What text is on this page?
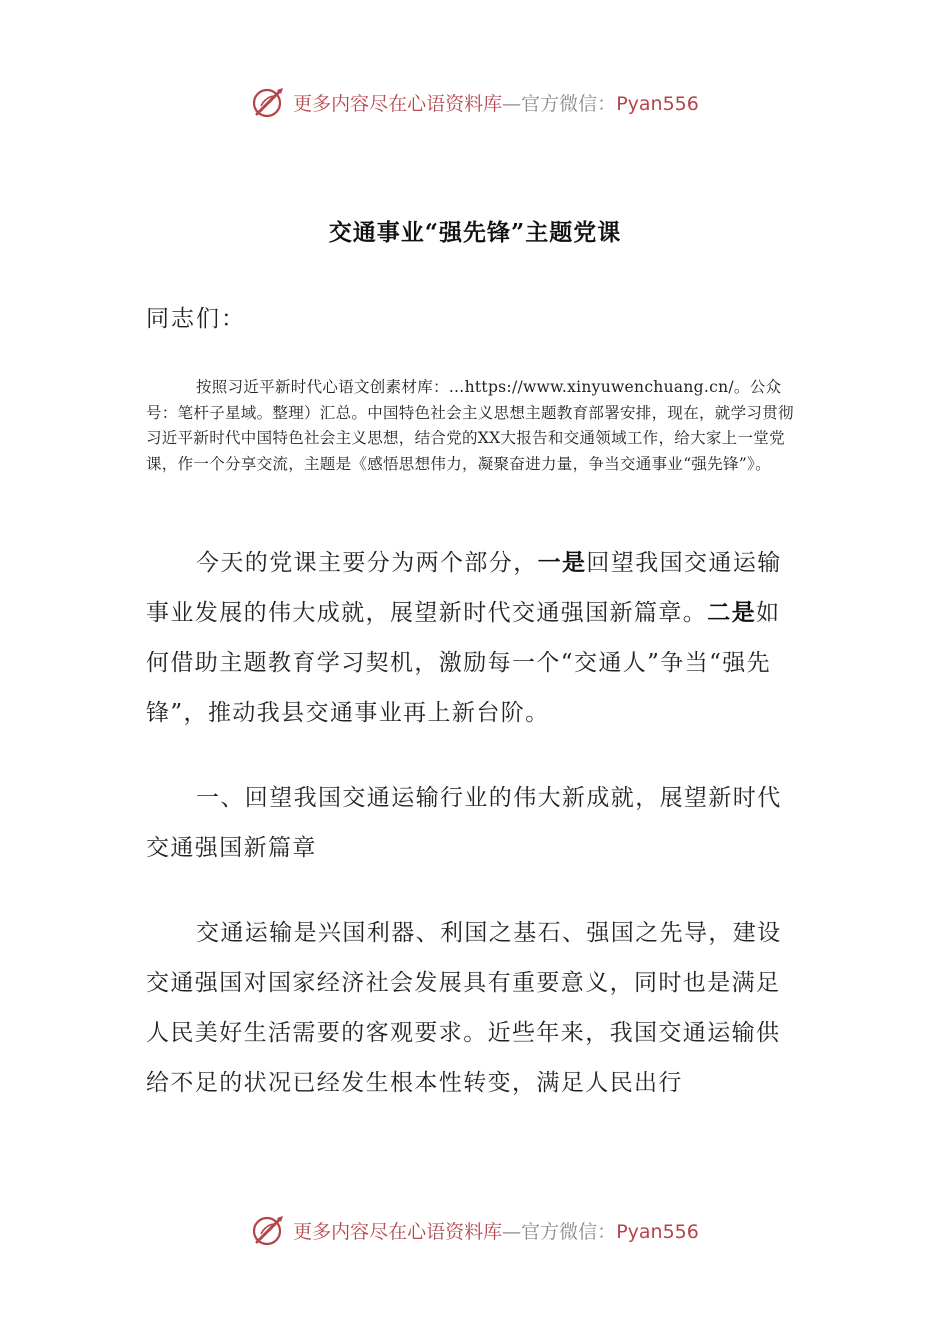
更多内容尽在心语资料库—官方微信：Pyan556
交通事业“强先锋”主题党课
同志们：
按照习近平新时代心语文创素材库：…https://www.xinyuwenchuang.cn/。公众号：笔杆子星域。整理）汇总。中国特色社会主义思想主题教育部署安排，现在，就学习贯彻习近平新时代中国特色社会主义思想，结合党的XX大报告和交通领域工作，给大家上一堂党课，作一个分享交流，主题是《感悟思想伟力，凝聚奋进力量，争当交通事业“强先锋”》。
今天的党课主要分为两个部分，一是回望我国交通运输事业发展的伟大成就，展望新时代交通强国新篇章。二是如何借助主题教育学习契机，激励每一个“交通人”争当“强先锋”，推动我县交通事业再上新台阶。
一、回望我国交通运输行业的伟大新成就，展望新时代交通强国新篇章
交通运输是兴国利器、利国之基石、强国之先导，建设交通强国对国家经济社会发展具有重要意义，同时也是满足人民美好生活需要的客观要求。近些年来，我国交通运输供给不足的状况已经发生根本性转变，满足人民出行
更多内容尽在心语资料库—官方微信：Pyan556
